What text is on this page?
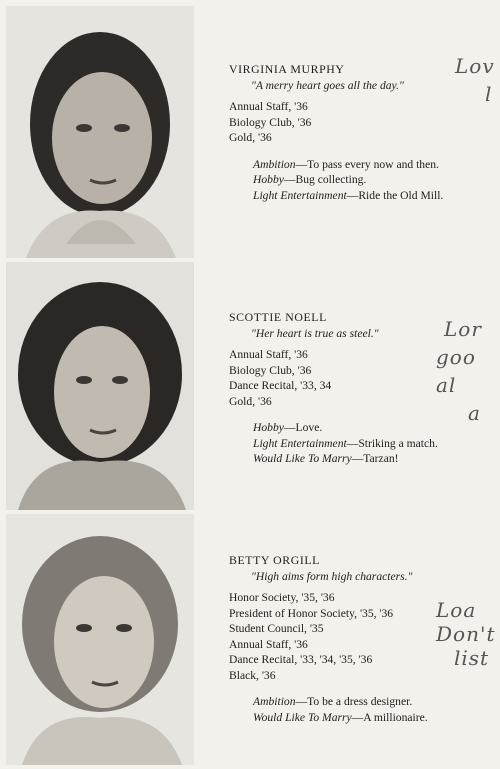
VIRGINIA MURPHY
"A merry heart goes all the day."
Annual Staff, '36
Biology Club, '36
Gold, '36
Ambition—To pass every now and then.
Hobby—Bug collecting.
Light Entertainment—Ride the Old Mill.
SCOTTIE NOELL
"Her heart is true as steel."
Annual Staff, '36
Biology Club, '36
Dance Recital, '33, 34
Gold, '36
Hobby—Love.
Light Entertainment—Striking a match.
Would Like To Marry—Tarzan!
BETTY ORGILL
"High aims form high characters."
Honor Society, '35, '36
President of Honor Society, '35, '36
Student Council, '35
Annual Staff, '36
Dance Recital, '33, '34, '35, '36
Black, '36
Ambition—To be a dress designer.
Would Like To Marry—A millionaire.
Lov
l
Lor
goo
al
a
Loa
Don't
list
